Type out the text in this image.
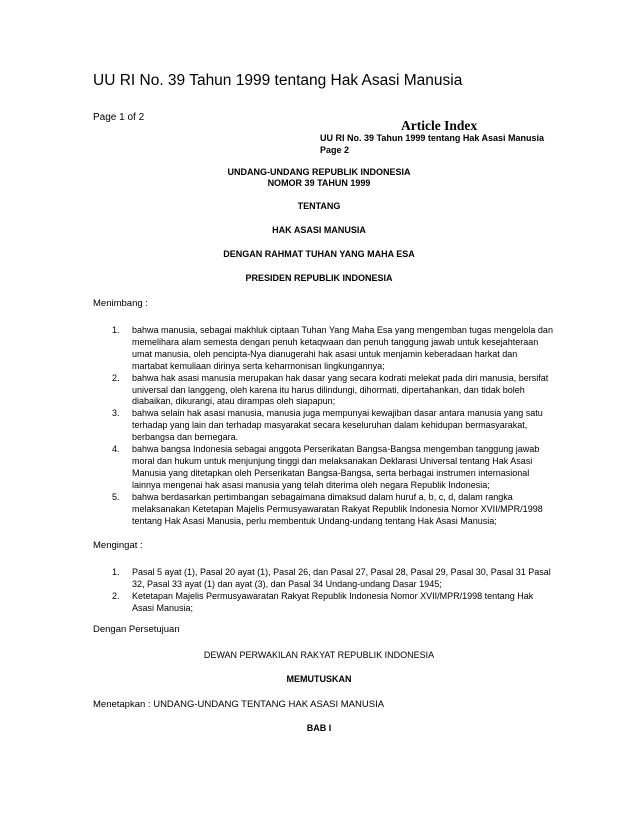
UU RI No. 39 Tahun 1999 tentang Hak Asasi Manusia
Page 1 of 2
Article Index
UU RI No. 39 Tahun 1999 tentang Hak Asasi Manusia
Page 2
UNDANG-UNDANG REPUBLIK INDONESIA
NOMOR 39 TAHUN 1999
TENTANG
HAK ASASI MANUSIA
DENGAN RAHMAT TUHAN YANG MAHA ESA
PRESIDEN REPUBLIK INDONESIA
Menimbang :
1. bahwa manusia, sebagai makhluk ciptaan Tuhan Yang Maha Esa yang mengemban tugas mengelola dan memelihara alam semesta dengan penuh ketaqwaan dan penuh tanggung jawab untuk kesejahteraan umat manusia, oleh pencipta-Nya dianugerahi hak asasi untuk menjamin keberadaan harkat dan martabat kemuliaan dirinya serta keharmonisan lingkungannya;
2. bahwa hak asasi manusia merupakan hak dasar yang secara kodrati melekat pada diri manusia, bersifat universal dan langgeng, oleh karena itu harus dilindungi, dihormati, dipertahankan, dan tidak boleh diabaikan, dikurangi, atau dirampas oleh siapapun;
3. bahwa selain hak asasi manusia, manusia juga mempunyai kewajiban dasar antara manusia yang satu terhadap yang lain dan terhadap masyarakat secara keseluruhan dalam kehidupan bermasyarakat, berbangsa dan bernegara.
4. bahwa bangsa Indonesia sebagai anggota Perserikatan Bangsa-Bangsa mengemban tanggung jawab moral dan hukum untuk menjunjung tinggi dan melaksanakan Deklarasi Universal tentang Hak Asasi Manusia yang ditetapkan oleh Perserikatan Bangsa-Bangsa, serta berbagai instrumen internasional lainnya mengenai hak asasi manusia yang telah diterima oleh negara Republik Indonesia;
5. bahwa berdasarkan pertimbangan sebagaimana dimaksud dalam huruf a, b, c, d, dalam rangka melaksanakan Ketetapan Majelis Permusyawaratan Rakyat Republik Indonesia Nomor XVII/MPR/1998 tentang Hak Asasi Manusia, perlu membentuk Undang-undang tentang Hak Asasi Manusia;
Mengingat :
1. Pasal 5 ayat (1), Pasal 20 ayat (1), Pasal 26, dan Pasal 27, Pasal 28, Pasal 29, Pasal 30, Pasal 31 Pasal 32, Pasal 33 ayat (1) dan ayat (3), dan Pasal 34 Undang-undang Dasar 1945;
2. Ketetapan Majelis Permusyawaratan Rakyat Republik Indonesia Nomor XVII/MPR/1998 tentang Hak Asasi Manusia;
Dengan Persetujuan
DEWAN PERWAKILAN RAKYAT REPUBLIK INDONESIA
MEMUTUSKAN
Menetapkan : UNDANG-UNDANG TENTANG HAK ASASI MANUSIA
BAB I
